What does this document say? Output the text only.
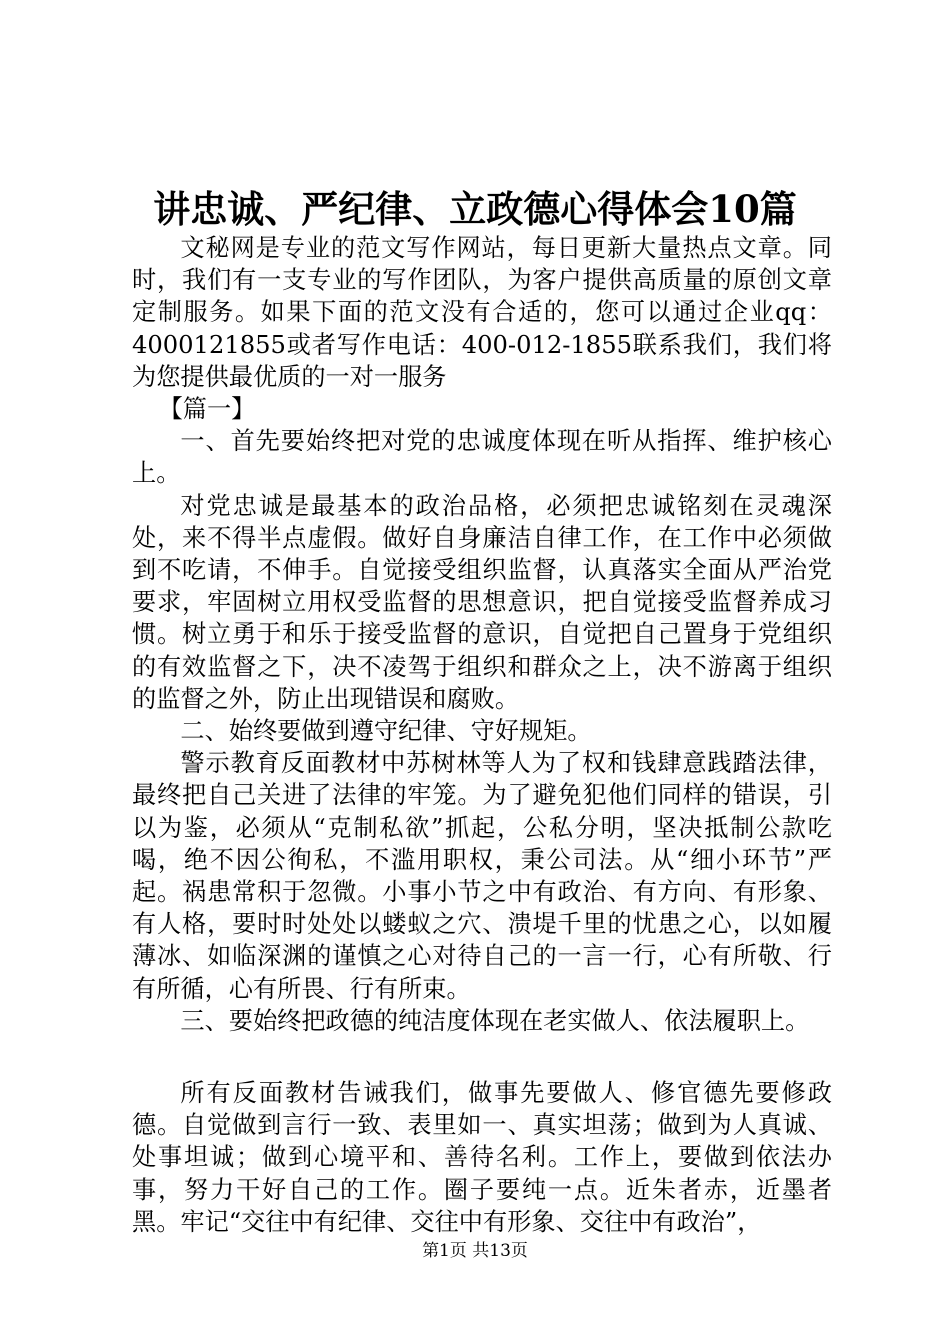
讲忠诚、严纪律、立政德心得体会10篇

文秘网是专业的范文写作网站，每日更新大量热点文章。同时，我们有一支专业的写作团队，为客户提供高质量的原创文章定制服务。如果下面的范文没有合适的，您可以通过企业qq：4000121855或者写作电话：400-012-1855联系我们，我们将为您提供最优质的一对一服务

【篇一】

一、首先要始终把对党的忠诚度体现在听从指挥、维护核心上。

对党忠诚是最基本的政治品格，必须把忠诚铭刻在灵魂深处，来不得半点虚假。做好自身廉洁自律工作，在工作中必须做到不吃请，不伸手。自觉接受组织监督，认真落实全面从严治党要求，牢固树立用权受监督的思想意识，把自觉接受监督养成习惯。树立勇于和乐于接受监督的意识，自觉把自己置身于党组织的有效监督之下，决不凌驾于组织和群众之上，决不游离于组织的监督之外，防止出现错误和腐败。

二、始终要做到遵守纪律、守好规矩。

警示教育反面教材中苏树林等人为了权和钱肆意践踏法律，最终把自己关进了法律的牢笼。为了避免犯他们同样的错误，引以为鉴，必须从“克制私欲”抓起，公私分明，坚决抵制公款吃喝，绝不因公徇私，不滥用职权，秉公司法。从“细小环节”严起。祸患常积于忽微。小事小节之中有政治、有方向、有形象、有人格，要时时处处以蝼蚁之穴、溃堤千里的忧患之心，以如履薄冰、如临深渊的谨慎之心对待自己的一言一行，心有所敬、行有所循，心有所畏、行有所束。

三、要始终把政德的纯洁度体现在老实做人、依法履职上。

所有反面教材告诫我们，做事先要做人、修官德先要修政德。自觉做到言行一致、表里如一、真实坦荡；做到为人真诚、处事坦诚；做到心境平和、善待名利。工作上，要做到依法办事，努力干好自己的工作。圈子要纯一点。近朱者赤，近墨者黑。牢记“交往中有纪律、交往中有形象、交往中有政治”，

第1页 共13页
